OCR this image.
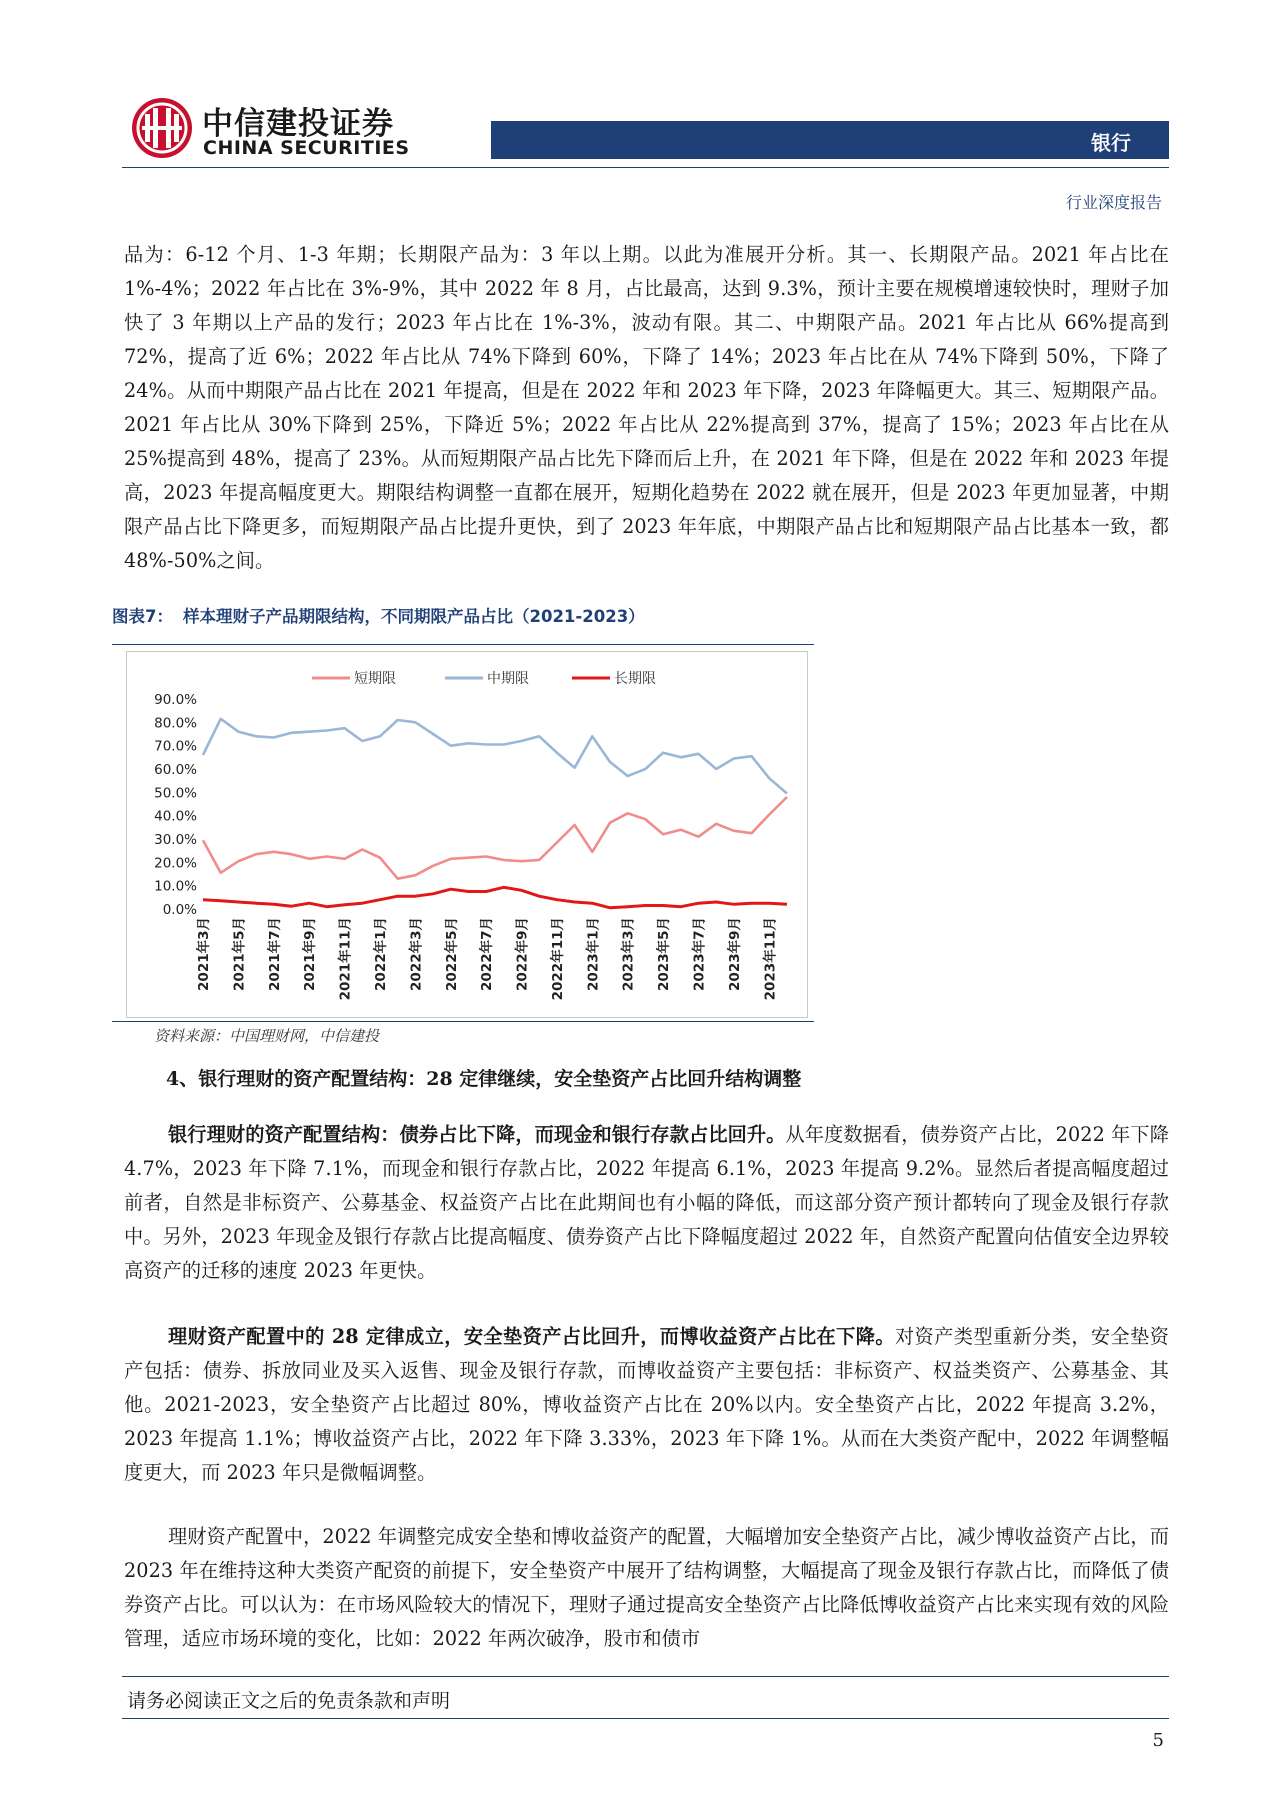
中信建投证券
CHINA SECURITIES	银行
行业深度报告
品为：6-12 个月、1-3 年期；长期限产品为：3 年以上期。以此为准展开分析。其一、长期限产品。2021 年占比在 1%-4%；2022 年占比在 3%-9%，其中 2022 年 8 月，占比最高，达到 9.3%，预计主要在规模增速较快时，理财子加快了 3 年期以上产品的发行；2023 年占比在 1%-3%，波动有限。其二、中期限产品。2021 年占比从 66%提高到 72%，提高了近 6%；2022 年占比从 74%下降到 60%，下降了 14%；2023 年占比在从 74%下降到 50%，下降了 24%。从而中期限产品占比在 2021 年提高，但是在 2022 年和 2023 年下降，2023 年降幅更大。其三、短期限产品。2021 年占比从 30%下降到 25%，下降近 5%；2022 年占比从 22%提高到 37%，提高了 15%；2023 年占比在从 25%提高到 48%，提高了 23%。从而短期限产品占比先下降而后上升，在 2021 年下降，但是在 2022 年和 2023 年提高，2023 年提高幅度更大。期限结构调整一直都在展开，短期化趋势在 2022 就在展开，但是 2023 年更加显著，中期限产品占比下降更多，而短期限产品占比提升更快，到了 2023 年年底，中期限产品占比和短期限产品占比基本一致，都 48%-50%之间。
图表7： 样本理财子产品期限结构，不同期限产品占比（2021-2023）
短期限	中期限	长期限
0.0%
10.0%
20.0%
30.0%
40.0%
50.0%
60.0%
70.0%
80.0%
90.0%
2021年3月 2021年5月 2021年7月 2021年9月 2021年11月 2022年1月 2022年3月 2022年5月 2022年7月 2022年9月 2022年11月 2023年1月 2023年3月 2023年5月 2023年7月 2023年9月 2023年11月
资料来源：中国理财网，中信建投
4、银行理财的资产配置结构：28 定律继续，安全垫资产占比回升结构调整
银行理财的资产配置结构：债券占比下降，而现金和银行存款占比回升。从年度数据看，债券资产占比，2022 年下降 4.7%，2023 年下降 7.1%，而现金和银行存款占比，2022 年提高 6.1%，2023 年提高 9.2%。显然后者提高幅度超过前者，自然是非标资产、公募基金、权益资产占比在此期间也有小幅的降低，而这部分资产预计都转向了现金及银行存款中。另外，2023 年现金及银行存款占比提高幅度、债券资产占比下降幅度超过 2022 年，自然资产配置向估值安全边界较高资产的迁移的速度 2023 年更快。
理财资产配置中的 28 定律成立，安全垫资产占比回升，而博收益资产占比在下降。对资产类型重新分类，安全垫资产包括：债券、拆放同业及买入返售、现金及银行存款，而博收益资产主要包括：非标资产、权益类资产、公募基金、其他。2021-2023，安全垫资产占比超过 80%，博收益资产占比在 20%以内。安全垫资产占比，2022 年提高 3.2%，2023 年提高 1.1%；博收益资产占比，2022 年下降 3.33%，2023 年下降 1%。从而在大类资产配中，2022 年调整幅度更大，而 2023 年只是微幅调整。
理财资产配置中，2022 年调整完成安全垫和博收益资产的配置，大幅增加安全垫资产占比，减少博收益资产占比，而 2023 年在维持这种大类资产配资的前提下，安全垫资产中展开了结构调整，大幅提高了现金及银行存款占比，而降低了债券资产占比。可以认为：在市场风险较大的情况下，理财子通过提高安全垫资产占比降低博收益资产占比来实现有效的风险管理，适应市场环境的变化，比如：2022 年两次破净，股市和债市
请务必阅读正文之后的免责条款和声明
5
